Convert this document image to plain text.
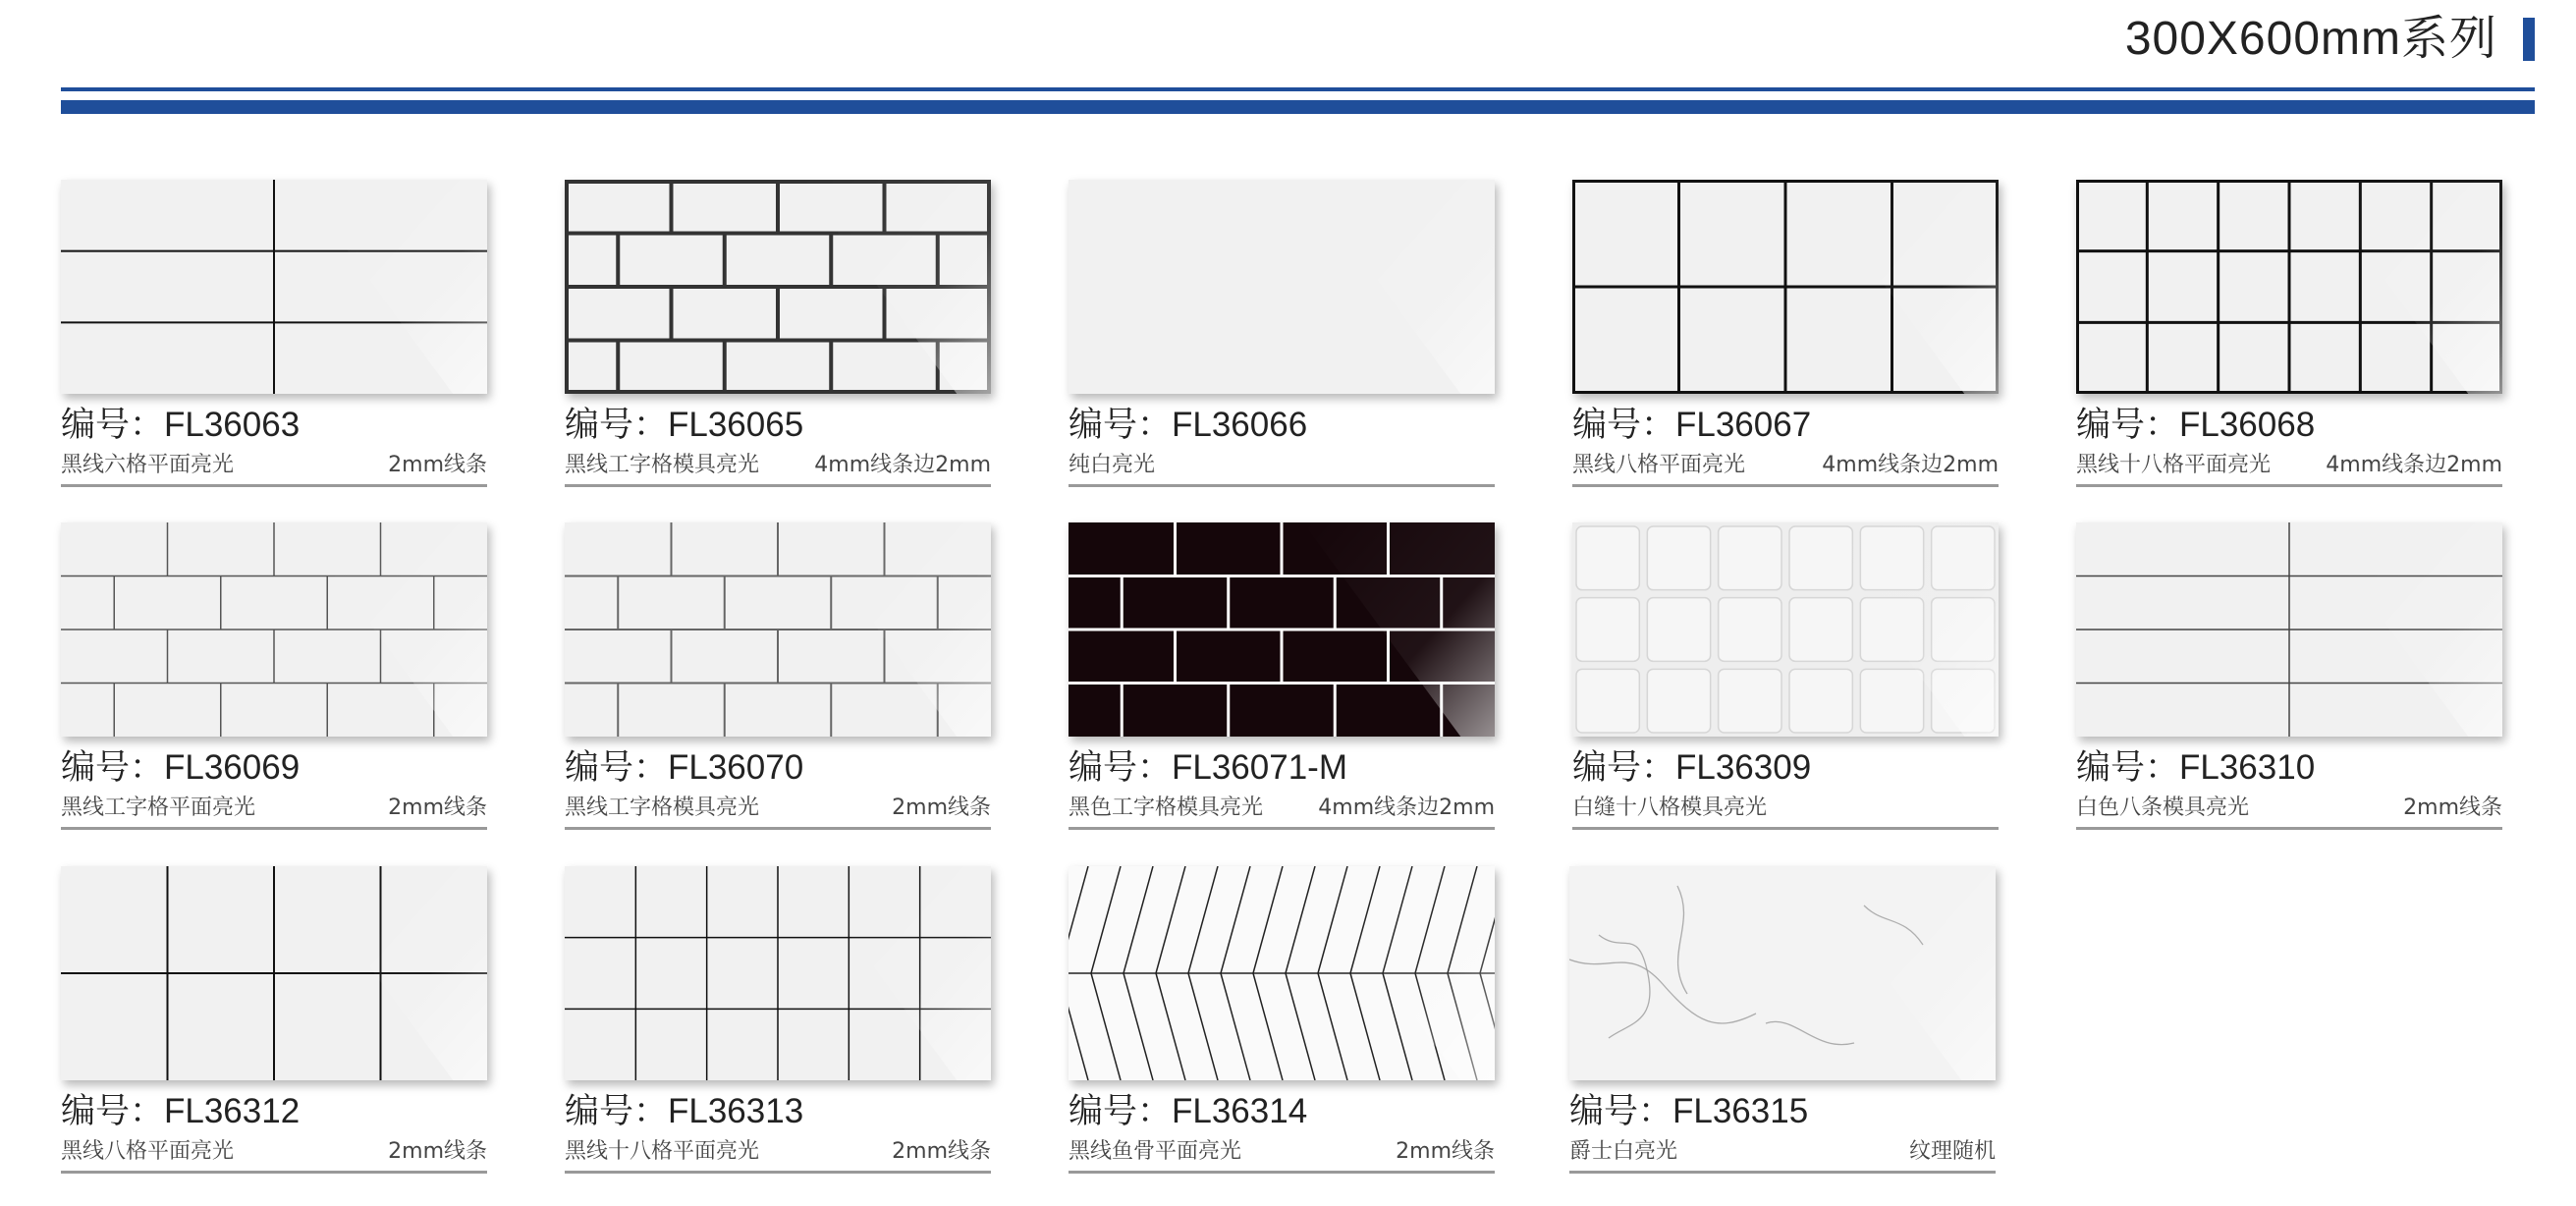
300X600mm系列
编号：FL36063
黑线六格平面亮光	2mm线条
编号：FL36065
黑线工字格模具亮光	4mm线条边2mm
编号：FL36066
纯白亮光
编号：FL36067
黑线八格平面亮光	4mm线条边2mm
编号：FL36068
黑线十八格平面亮光	4mm线条边2mm
编号：FL36069
黑线工字格平面亮光	2mm线条
编号：FL36070
黑线工字格模具亮光	2mm线条
编号：FL36071-M
黑色工字格模具亮光	4mm线条边2mm
编号：FL36309
白缝十八格模具亮光
编号：FL36310
白色八条模具亮光	2mm线条
编号：FL36312
黑线八格平面亮光	2mm线条
编号：FL36313
黑线十八格平面亮光	2mm线条
编号：FL36314
黑线鱼骨平面亮光	2mm线条
编号：FL36315
爵士白亮光	纹理随机
